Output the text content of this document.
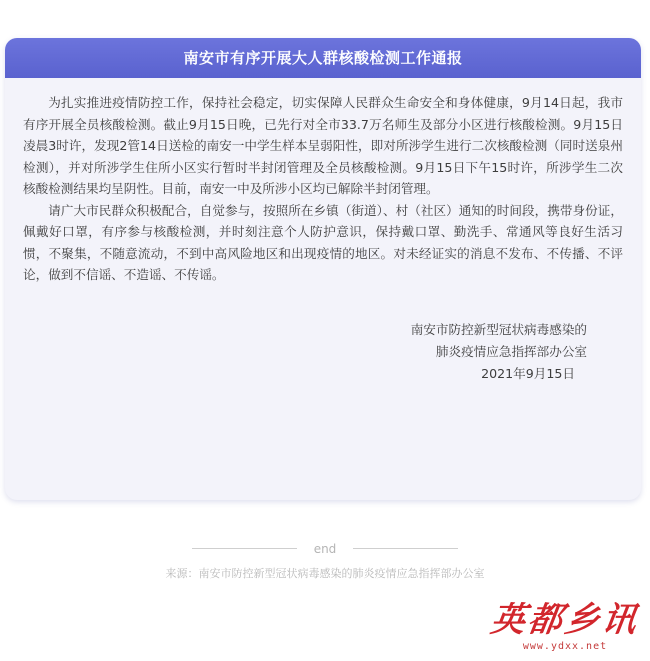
南安市有序开展大人群核酸检测工作通报

为扎实推进疫情防控工作，保持社会稳定，切实保障人民群众生命安全和身体健康，9月14日起，我市有序开展全员核酸检测。截止9月15日晚，已先行对全市33.7万名师生及部分小区进行核酸检测。9月15日凌晨3时许，发现2管14日送检的南安一中学生样本呈弱阳性，即对所涉学生进行二次核酸检测（同时送泉州检测），并对所涉学生住所小区实行暂时半封闭管理及全员核酸检测。9月15日下午15时许，所涉学生二次核酸检测结果均呈阴性。目前，南安一中及所涉小区均已解除半封闭管理。

请广大市民群众积极配合，自觉参与，按照所在乡镇（街道）、村（社区）通知的时间段，携带身份证，佩戴好口罩，有序参与核酸检测，并时刻注意个人防护意识，保持戴口罩、勤洗手、常通风等良好生活习惯，不聚集，不随意流动，不到中高风险地区和出现疫情的地区。对未经证实的消息不发布、不传播、不评论，做到不信谣、不造谣、不传谣。

南安市防控新型冠状病毒感染的
肺炎疫情应急指挥部办公室
2021年9月15日
end
来源：南安市防控新型冠状病毒感染的肺炎疫情应急指挥部办公室
英都乡讯
www.ydxx.net
